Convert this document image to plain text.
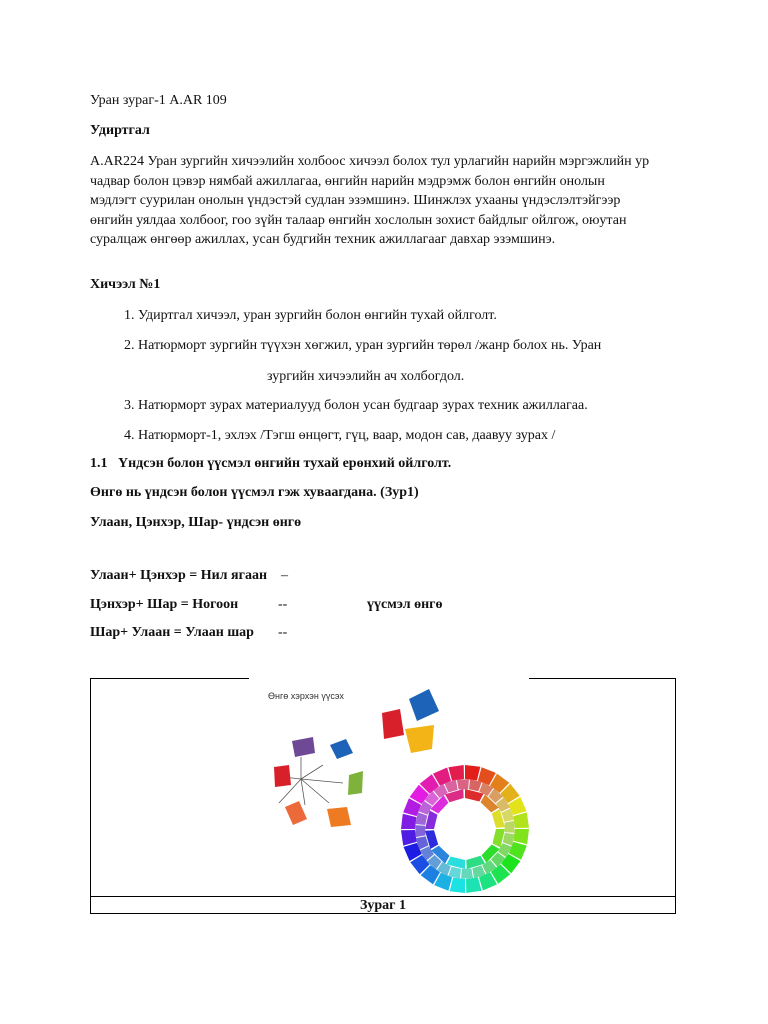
Уран зураг-1 A.AR 109
Удиртгал
A.AR224 Уран зургийн хичээлийн холбоос хичээл болох тул урлагийн нарийн мэргэжлийн ур чадвар болон цэвэр нямбай ажиллагаа, өнгийн нарийн мэдрэмж болон өнгийн онолын мэдлэгт суурилан онолын үндэстэй судлан эзэмшинэ. Шинжлэх ухааны үндэслэлтэйгээр өнгийн уялдаа холбоог, гоо зүйн талаар өнгийн хослолын зохист байдлыг ойлгож, оюутан суралцаж өнгөөр ажиллах, усан будгийн техник ажиллагааг давхар эзэмшинэ.
Хичээл №1
1. Удиртгал хичээл, уран зургийн болон өнгийн тухай ойлголт.
2. Натюрморт зургийн түүхэн хөгжил, уран зургийн төрөл /жанр болох нь. Уран
зургийн хичээлийн ач холбогдол.
3. Натюрморт зурах материалууд болон усан будгаар зурах техник ажиллагаа.
4. Натюрморт-1, эхлэх /Тэгш өнцөгт, гүц, ваар, модон сав, даавуу зурах /
1.1 Үндсэн болон үүсмэл өнгийн тухай ерөнхий ойлголт.
Өнгө нь үндсэн болон үүсмэл гэж хуваагдана. (Зур1)
Улаан, Цэнхэр, Шар- үндсэн өнгө
Улаан+ Цэнхэр = Нил ягаан –
Цэнхэр+ Шар = Ногоон	--	үүсмэл өнгө
Шар+ Улаан = Улаан шар --
Өнгө хэрхэн үүсэх
Зураг 1
